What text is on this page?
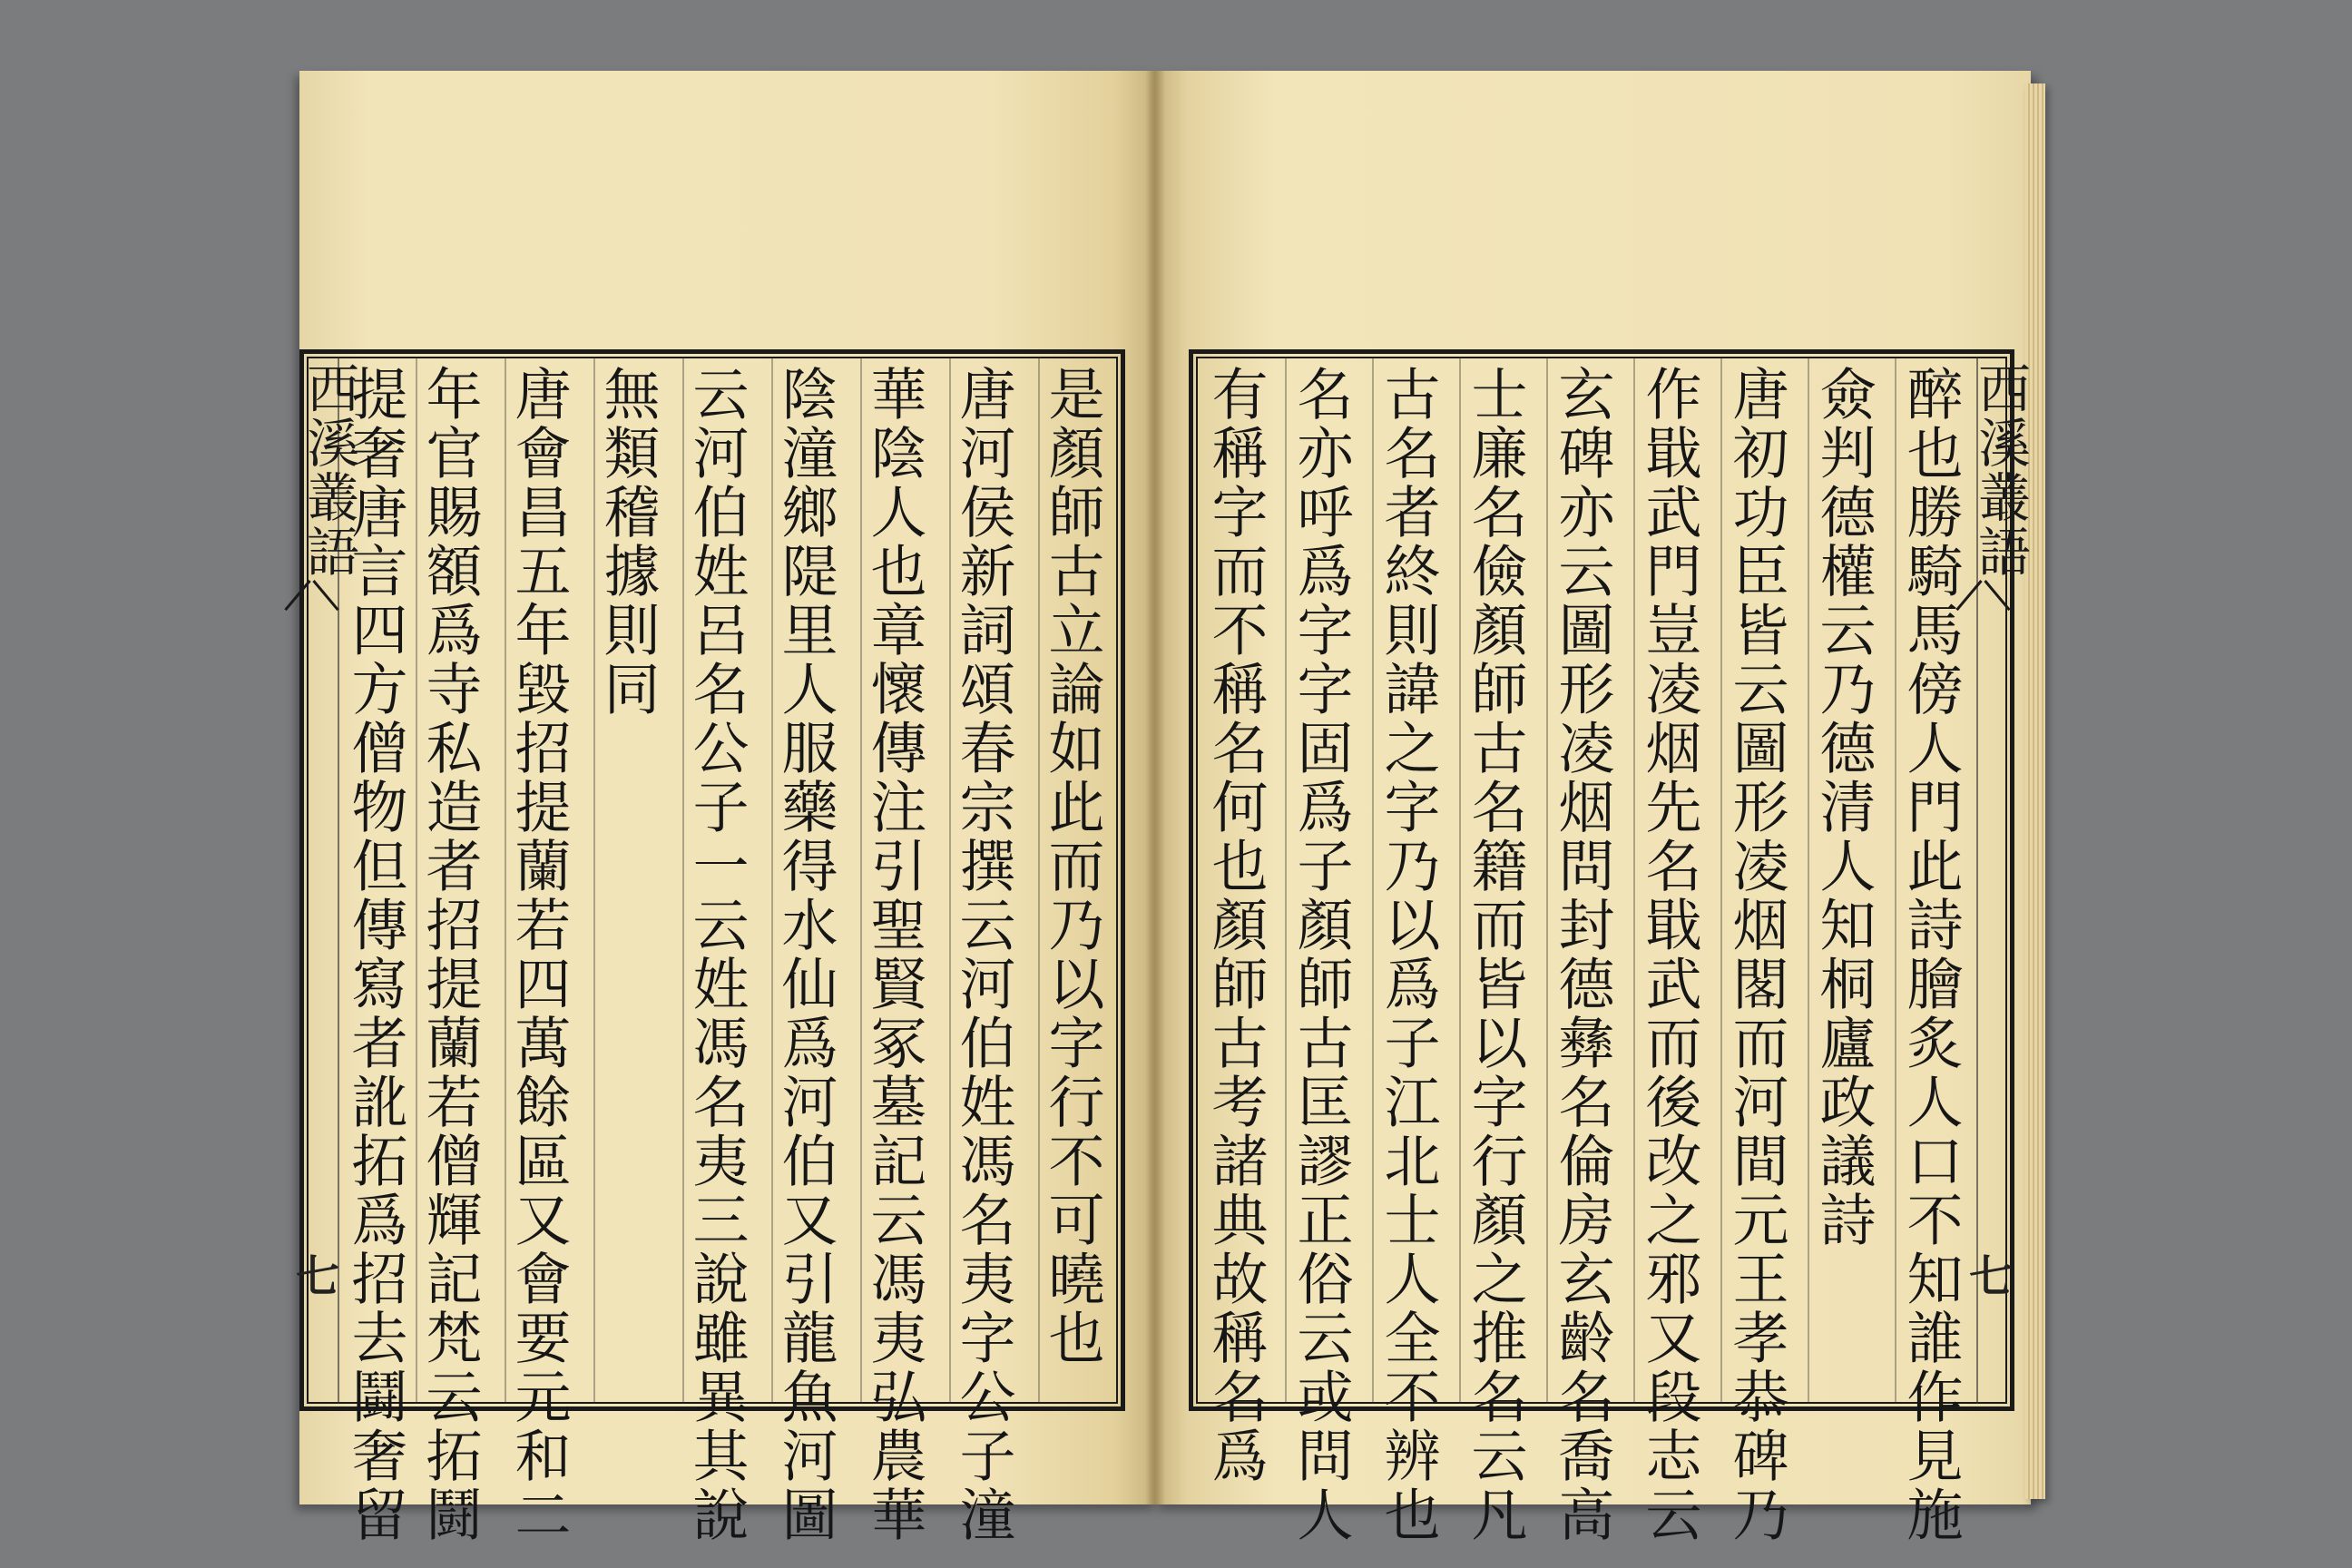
西溪叢語
七	是顏師古立論如此而乃以字行不可曉也
唐河侯新詞頌春宗撰云河伯姓馮名夷字公子潼
華陰人也章懷傳注引聖賢冢墓記云馮夷弘農華
陰潼鄉隄里人服藥得水仙爲河伯又引龍魚河圖
云河伯姓呂名公子一云姓馮名夷三說雖異其說
無類稽據則同
唐會昌五年毀招提蘭若四萬餘區又會要元和二
年官賜額爲寺私造者招提蘭若僧輝記梵云拓鬪
提奢唐言四方僧物但傳寫者訛拓爲招去鬪奢留	西溪叢語
七
醉也勝騎馬傍人門此詩膾炙人口不知誰作見施
僉判德權云乃德清人知桐廬政議詩
唐初功臣皆云圖形凌烟閣而河間元王孝恭碑乃
作戢武門豈凌烟先名戢武而後改之邪又段志云
玄碑亦云圖形凌烟問封德彝名倫房玄齡名喬高
士廉名儉顏師古名籍而皆以字行顏之推名云凡
古名者終則諱之字乃以爲子江北士人全不辨也
名亦呼爲字字固爲子顏師古匡謬正俗云或問人
有稱字而不稱名何也顏師古考諸典故稱名爲
